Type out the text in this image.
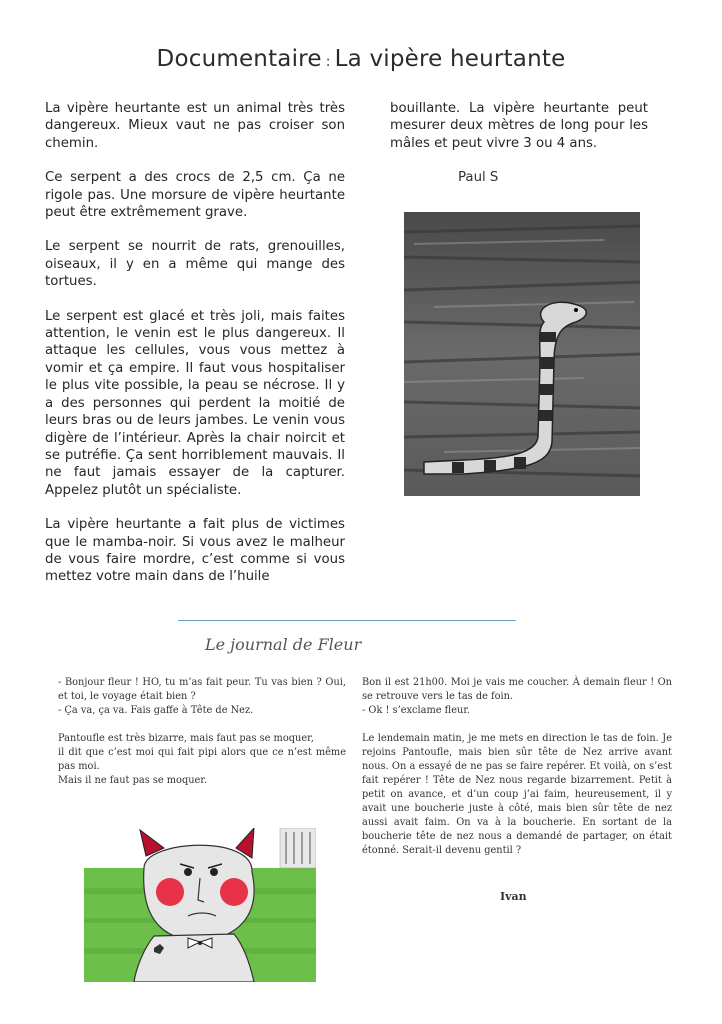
Documentaire : La vipère heurtante

La vipère heurtante est un animal très très dangereux. Mieux vaut ne pas croiser son chemin.

Ce serpent a des crocs de 2,5 cm. Ça ne rigole pas. Une morsure de vipère heurtante peut être extrêmement grave.

Le serpent se nourrit de rats, grenouilles, oiseaux, il y en a même qui mange des tortues.

Le serpent est glacé et très joli, mais faites attention, le venin est le plus dangereux. Il attaque les cellules, vous vous mettez à vomir et ça empire. Il faut vous hospitaliser le plus vite possible, la peau se nécrose. Il y a des personnes qui perdent la moitié de leurs bras ou de leurs jambes. Le venin vous digère de l’intérieur. Après la chair noircit et se putréfie. Ça sent horriblement mauvais. Il ne faut jamais essayer de la capturer. Appelez plutôt un spécialiste.

La vipère heurtante a fait plus de victimes que le mamba-noir. Si vous avez le malheur de vous faire mordre, c’est comme si vous mettez votre main dans de l’huile

bouillante. La vipère heurtante peut mesurer deux mètres de long pour les mâles et peut vivre 3 ou 4 ans.

Paul S
Le journal de Fleur

- Bonjour fleur ! HO, tu m’as fait peur. Tu vas bien ? Oui, et toi, le voyage était bien ?
- Ça va, ça va. Fais gaffe à Tête de Nez.

Pantoufle est très bizarre, mais faut pas se moquer,
il dit que c’est moi qui fait pipi alors que ce n’est même pas moi.
Mais il ne faut pas se moquer.

Bon il est 21h00. Moi je vais me coucher. À demain fleur ! On se retrouve vers le tas de foin.
- Ok ! s’exclame fleur.

Le lendemain matin, je me mets en direction le tas de foin. Je rejoins Pantoufle, mais bien sûr tête de Nez arrive avant nous. On a essayé de ne pas se faire repérer. Et voilà, on s’est fait repérer ! Tête de Nez nous regarde bizarrement. Petit à petit on avance, et d’un coup j’ai faim, heureusement, il y avait une boucherie juste à côté, mais bien sûr tête de nez aussi avait faim. On va à la boucherie. En sortant de la boucherie tête de nez nous a demandé de partager, on était étonné. Serait-il devenu gentil ?

Ivan
